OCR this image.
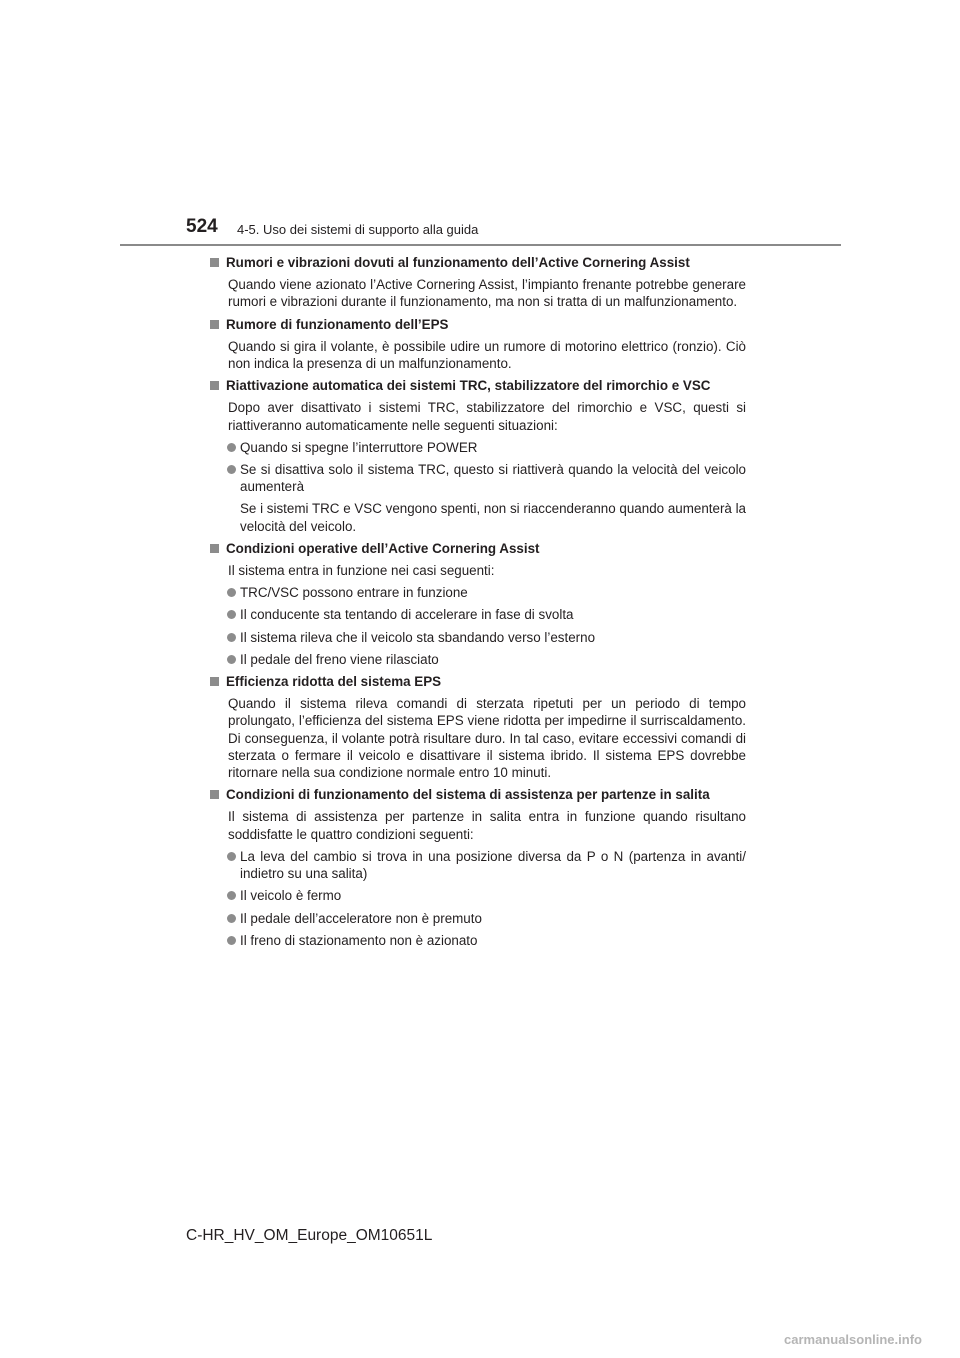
524 4-5. Uso dei sistemi di supporto alla guida
Rumori e vibrazioni dovuti al funzionamento dell’Active Cornering Assist
Quando viene azionato l’Active Cornering Assist, l’impianto frenante potrebbe generare rumori e vibrazioni durante il funzionamento, ma non si tratta di un malfunzionamento.
Rumore di funzionamento dell’EPS
Quando si gira il volante, è possibile udire un rumore di motorino elettrico (ronzio). Ciò non indica la presenza di un malfunzionamento.
Riattivazione automatica dei sistemi TRC, stabilizzatore del rimorchio e VSC
Dopo aver disattivato i sistemi TRC, stabilizzatore del rimorchio e VSC, questi si riattiveranno automaticamente nelle seguenti situazioni:
Quando si spegne l’interruttore POWER
Se si disattiva solo il sistema TRC, questo si riattiverà quando la velocità del veicolo aumenterà
Se i sistemi TRC e VSC vengono spenti, non si riaccenderanno quando aumenterà la velocità del veicolo.
Condizioni operative dell’Active Cornering Assist
Il sistema entra in funzione nei casi seguenti:
TRC/VSC possono entrare in funzione
Il conducente sta tentando di accelerare in fase di svolta
Il sistema rileva che il veicolo sta sbandando verso l’esterno
Il pedale del freno viene rilasciato
Efficienza ridotta del sistema EPS
Quando il sistema rileva comandi di sterzata ripetuti per un periodo di tempo prolungato, l’efficienza del sistema EPS viene ridotta per impedirne il surriscaldamento. Di conseguenza, il volante potrà risultare duro. In tal caso, evitare eccessivi comandi di sterzata o fermare il veicolo e disattivare il sistema ibrido. Il sistema EPS dovrebbe ritornare nella sua condizione normale entro 10 minuti.
Condizioni di funzionamento del sistema di assistenza per partenze in salita
Il sistema di assistenza per partenze in salita entra in funzione quando risultano soddisfatte le quattro condizioni seguenti:
La leva del cambio si trova in una posizione diversa da P o N (partenza in avanti/ indietro su una salita)
Il veicolo è fermo
Il pedale dell’acceleratore non è premuto
Il freno di stazionamento non è azionato
C-HR_HV_OM_Europe_OM10651L
carmanualsonline.info
